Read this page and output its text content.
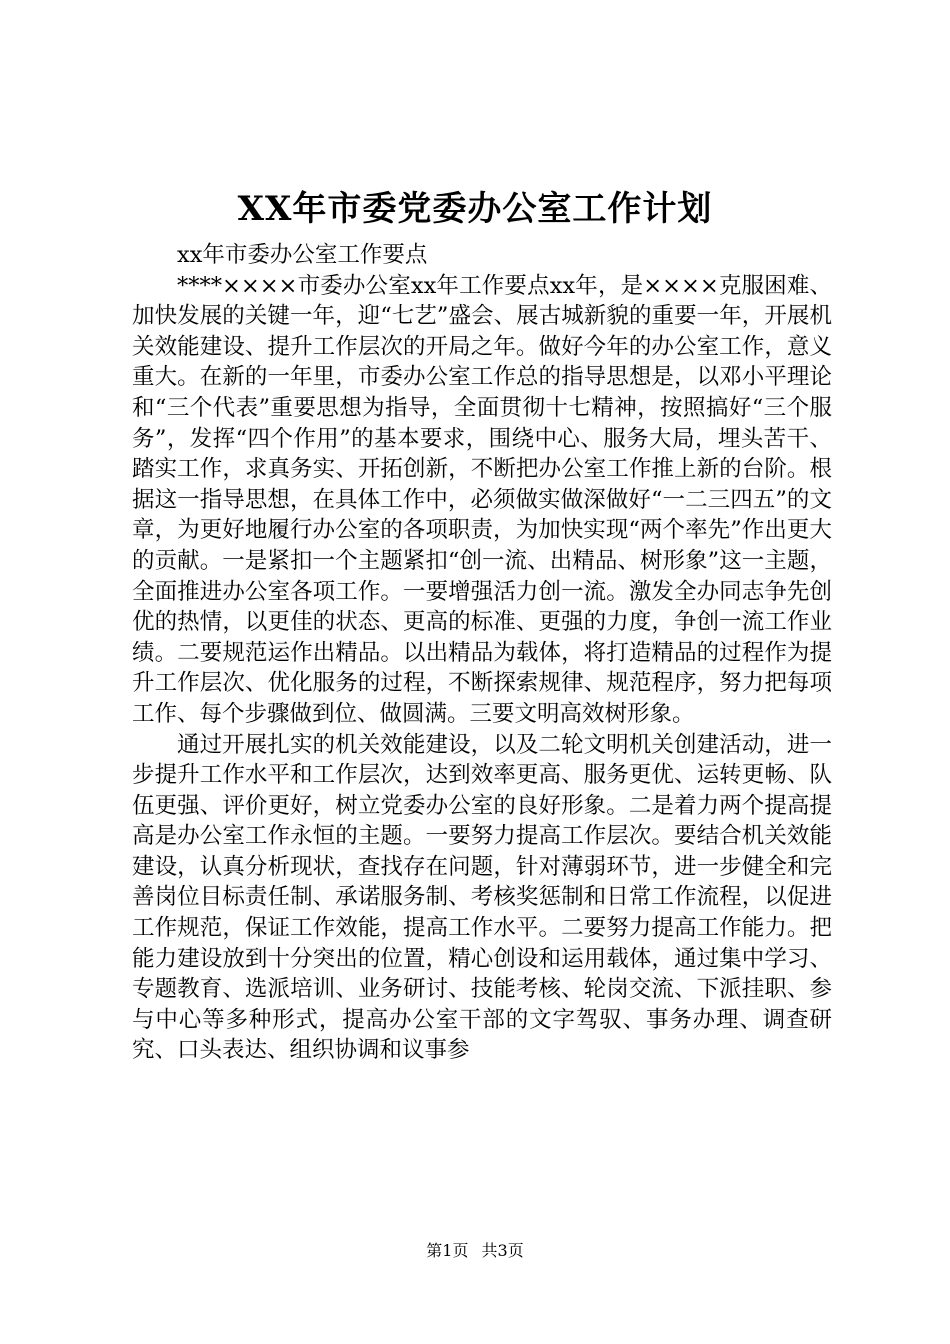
XX年市委党委办公室工作计划

xx年市委办公室工作要点

****××××市委办公室xx年工作要点xx年，是××××克服困难、加快发展的关键一年，迎“七艺”盛会、展古城新貌的重要一年，开展机关效能建设、提升工作层次的开局之年。做好今年的办公室工作，意义重大。在新的一年里，市委办公室工作总的指导思想是，以邓小平理论和“三个代表”重要思想为指导，全面贯彻十七精神，按照搞好“三个服务”，发挥“四个作用”的基本要求，围绕中心、服务大局，埋头苦干、踏实工作，求真务实、开拓创新，不断把办公室工作推上新的台阶。根据这一指导思想，在具体工作中，必须做实做深做好“一二三四五”的文章，为更好地履行办公室的各项职责，为加快实现“两个率先”作出更大的贡献。一是紧扣一个主题紧扣“创一流、出精品、树形象”这一主题，全面推进办公室各项工作。一要增强活力创一流。激发全办同志争先创优的热情，以更佳的状态、更高的标准、更强的力度，争创一流工作业绩。二要规范运作出精品。以出精品为载体，将打造精品的过程作为提升工作层次、优化服务的过程，不断探索规律、规范程序，努力把每项工作、每个步骤做到位、做圆满。三要文明高效树形象。

通过开展扎实的机关效能建设，以及二轮文明机关创建活动，进一步提升工作水平和工作层次，达到效率更高、服务更优、运转更畅、队伍更强、评价更好，树立党委办公室的良好形象。二是着力两个提高提高是办公室工作永恒的主题。一要努力提高工作层次。要结合机关效能建设，认真分析现状，查找存在问题，针对薄弱环节，进一步健全和完善岗位目标责任制、承诺服务制、考核奖惩制和日常工作流程，以促进工作规范，保证工作效能，提高工作水平。二要努力提高工作能力。把能力建设放到十分突出的位置，精心创设和运用载体，通过集中学习、专题教育、选派培训、业务研讨、技能考核、轮岗交流、下派挂职、参与中心等多种形式，提高办公室干部的文字驾驭、事务办理、调查研究、口头表达、组织协调和议事参

第1页 共3页
